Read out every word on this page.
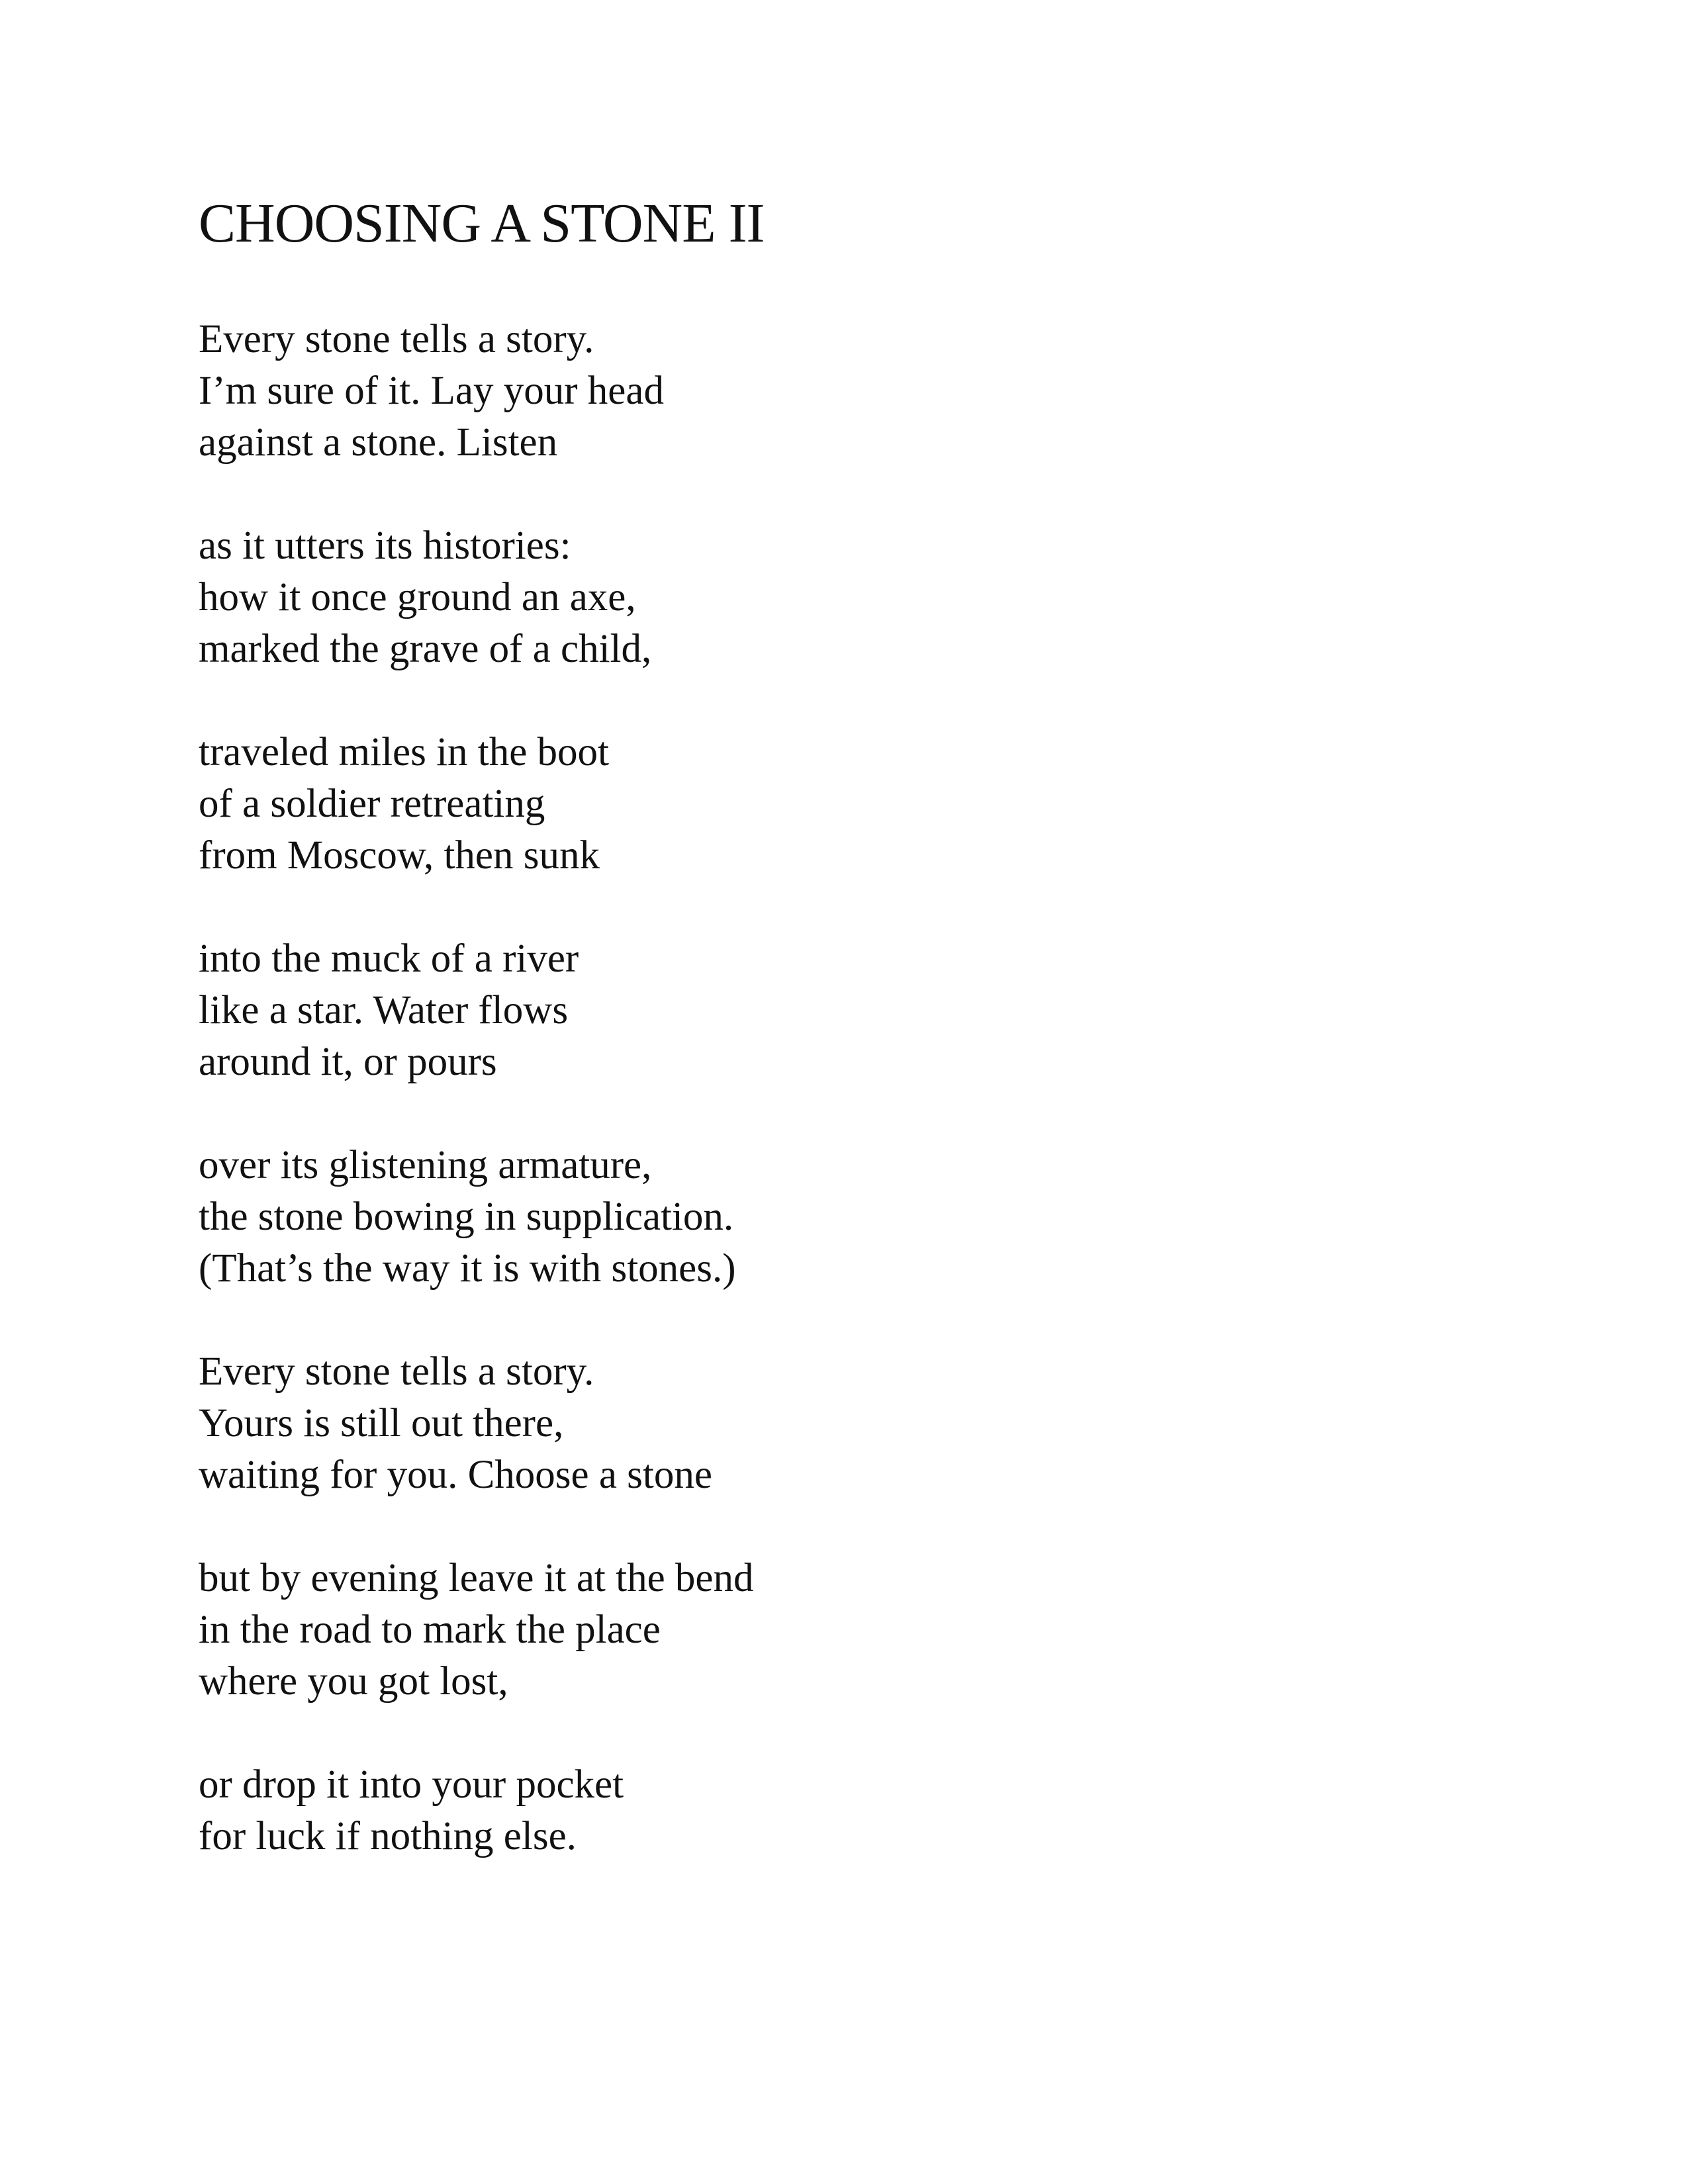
CHOOSING A STONE II
Every stone tells a story.
I’m sure of it. Lay your head
against a stone. Listen
as it utters its histories:
how it once ground an axe,
marked the grave of a child,
traveled miles in the boot
of a soldier retreating
from Moscow, then sunk
into the muck of a river
like a star. Water flows
around it, or pours
over its glistening armature,
the stone bowing in supplication.
(That’s the way it is with stones.)
Every stone tells a story.
Yours is still out there,
waiting for you. Choose a stone
but by evening leave it at the bend
in the road to mark the place
where you got lost,
or drop it into your pocket
for luck if nothing else.
